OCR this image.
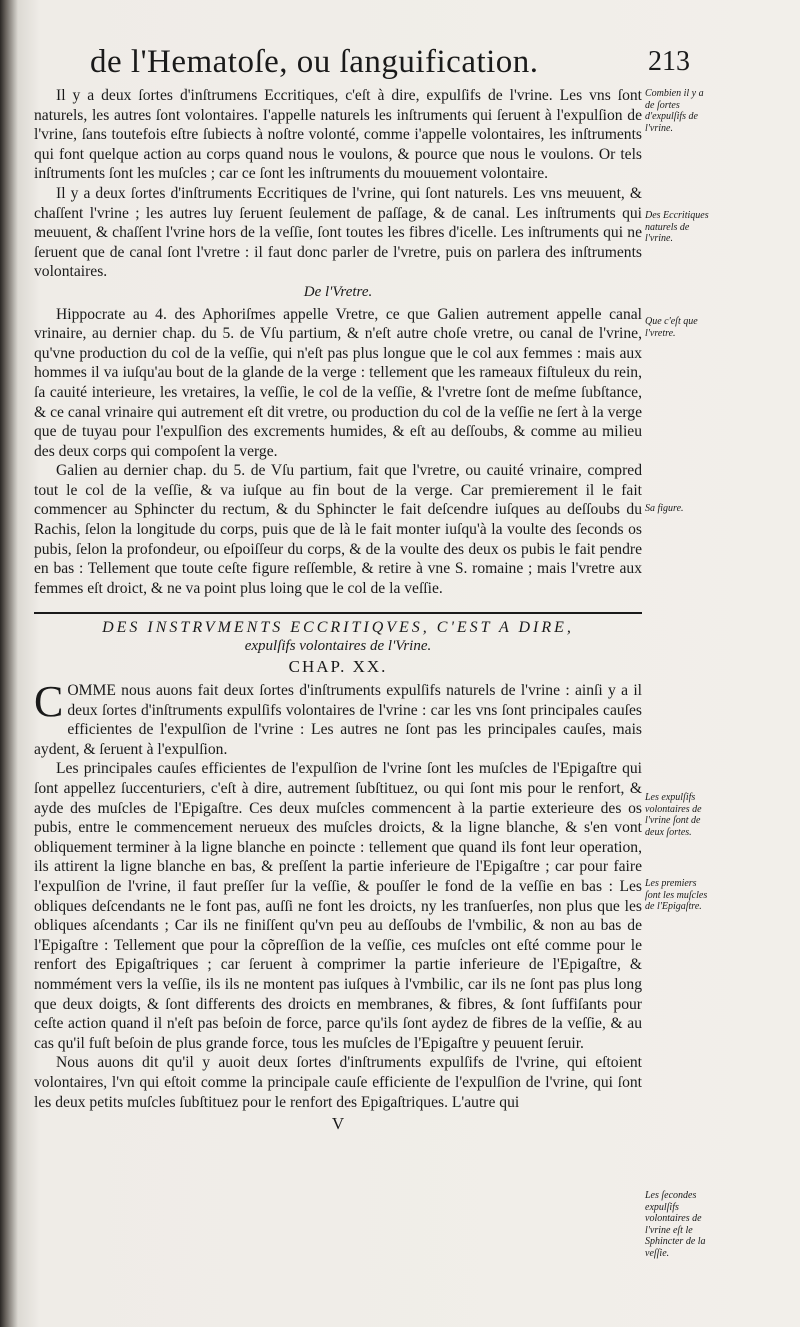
de l'Hematoſe, ou ſanguification.	213

Il y a deux ſortes d'inſtrumens Eccritiques, c'eſt à dire, expulſifs de l'vrine. Les vns ſont naturels, les autres ſont volontaires. I'appelle naturels les inſtruments qui ſeruent à l'expulſion de l'vrine, ſans toutefois eſtre ſubiects à noſtre volonté, comme i'appelle volontaires, les inſtruments qui font quelque action au corps quand nous le voulons, & pource que nous le voulons. Or tels inſtruments ſont les muſcles ; car ce ſont les inſtruments du mouuement volontaire.

Il y a deux ſortes d'inſtruments Eccritiques de l'vrine, qui ſont naturels. Les vns meuuent, & chaſſent l'vrine ; les autres luy ſeruent ſeulement de paſſage, & de canal. Les inſtruments qui meuuent, & chaſſent l'vrine hors de la veſſie, ſont toutes les fibres d'icelle. Les inſtruments qui ne ſeruent que de canal ſont l'vretre : il faut donc parler de l'vretre, puis on parlera des inſtruments volontaires.

De l'Vretre.

Hippocrate au 4. des Aphoriſmes appelle Vretre, ce que Galien autrement appelle canal vrinaire, au dernier chap. du 5. de Vſu partium, & n'eſt autre choſe vretre, ou canal de l'vrine, qu'vne production du col de la veſſie, qui n'eſt pas plus longue que le col aux femmes : mais aux hommes il va iuſqu'au bout de la glande de la verge : tellement que les rameaux fiſtuleux du rein, ſa cauité interieure, les vretaires, la veſſie, le col de la veſſie, & l'vretre ſont de meſme ſubſtance, & ce canal vrinaire qui autrement eſt dit vretre, ou production du col de la veſſie ne ſert à la verge que de tuyau pour l'expulſion des excrements humides, & eſt au deſſoubs, & comme au milieu des deux corps qui compoſent la verge.

Galien au dernier chap. du 5. de Vſu partium, fait que l'vretre, ou cauité vrinaire, compred tout le col de la veſſie, & va iuſque au fin bout de la verge. Car premierement il le fait commencer au Sphincter du rectum, & du Sphincter le fait deſcendre iuſques au deſſoubs du Rachis, ſelon la longitude du corps, puis que de là le fait monter iuſqu'à la voulte des ſeconds os pubis, ſelon la profondeur, ou eſpoiſſeur du corps, & de la voulte des deux os pubis le fait pendre en bas : Tellement que toute ceſte figure reſſemble, & retire à vne S. romaine ; mais l'vretre aux femmes eſt droict, & ne va point plus loing que le col de la veſſie.

DES INSTRVMENTS ECCRITIQVES, C'EST A DIRE,
expulſifs volontaires de l'Vrine.
CHAP. XX.

COMME nous auons fait deux ſortes d'inſtruments expulſifs naturels de l'vrine : ainſi y a il deux ſortes d'inſtruments expulſifs volontaires de l'vrine : car les vns ſont principales cauſes efficientes de l'expulſion de l'vrine : Les autres ne ſont pas les principales cauſes, mais aydent, & ſeruent à l'expulſion.

Les principales cauſes efficientes de l'expulſion de l'vrine ſont les muſcles de l'Epigaſtre qui ſont appellez ſuccenturiers, c'eſt à dire, autrement ſubſtituez, ou qui ſont mis pour le renfort, & ayde des muſcles de l'Epigaſtre. Ces deux muſcles commencent à la partie exterieure des os pubis, entre le commencement nerueux des muſcles droicts, & la ligne blanche, & s'en vont obliquement terminer à la ligne blanche en poincte : tellement que quand ils font leur operation, ils attirent la ligne blanche en bas, & preſſent la partie inferieure de l'Epigaſtre ; car pour faire l'expulſion de l'vrine, il faut preſſer ſur la veſſie, & pouſſer le fond de la veſſie en bas : Les obliques deſcendants ne le font pas, auſſi ne font les droicts, ny les tranſuerſes, non plus que les obliques aſcendants ; Car ils ne finiſſent qu'vn peu au deſſoubs de l'vmbilic, & non au bas de l'Epigaſtre : Tellement que pour la cõpreſſion de la veſſie, ces muſcles ont eſté comme pour le renfort des Epigaſtriques ; car ſeruent à comprimer la partie inferieure de l'Epigaſtre, & nommément vers la veſſie, ils ils ne montent pas iuſques à l'vmbilic, car ils ne ſont pas plus long que deux doigts, & ſont differents des droicts en membranes, & fibres, & ſont ſuffiſants pour ceſte action quand il n'eſt pas beſoin de force, parce qu'ils ſont aydez de fibres de la veſſie, & au cas qu'il fuſt beſoin de plus grande force, tous les muſcles de l'Epigaſtre y peuuent ſeruir.

Nous auons dit qu'il y auoit deux ſortes d'inſtruments expulſifs de l'vrine, qui eſtoient volontaires, l'vn qui eſtoit comme la principale cauſe efficiente de l'expulſion de l'vrine, qui ſont les deux petits muſcles ſubſtituez pour le renfort des Epigaſtriques. L'autre qui

V
Combien il y a de ſortes d'expulſifs de l'vrine.
Des Eccritiques naturels de l'vrine.
Que c'eſt que l'vretre.
Sa figure.
Les expulſifs volontaires de l'vrine ſont de deux ſortes.
Les premiers ſont les muſcles de l'Epigaſtre.
Les ſecondes expulſifs volontaires de l'vrine eſt le Sphincter de la veſſie.
